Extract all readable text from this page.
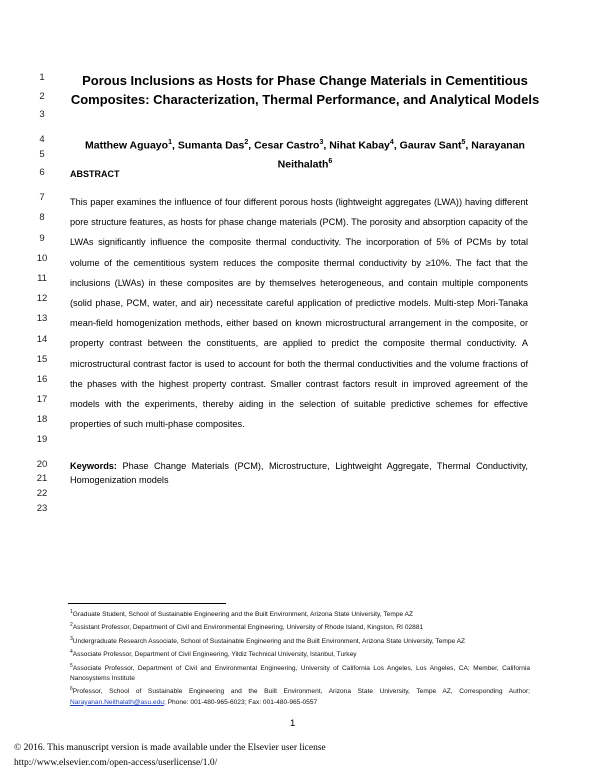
1
2
3
4
5
6
7
8
9
10
11
12
13
14
15
16
17
18
19
20
21
22
23
Porous Inclusions as Hosts for Phase Change Materials in Cementitious Composites: Characterization, Thermal Performance, and Analytical Models
Matthew Aguayo$^1$, Sumanta Das$^2$, Cesar Castro$^3$, Nihat Kabay$^4$, Gaurav Sant$^5$, Narayanan Neithalath$^6$
ABSTRACT
This paper examines the influence of four different porous hosts (lightweight aggregates (LWA)) having different pore structure features, as hosts for phase change materials (PCM). The porosity and absorption capacity of the LWAs significantly influence the composite thermal conductivity. The incorporation of 5% of PCMs by total volume of the cementitious system reduces the composite thermal conductivity by ≥10%. The fact that the inclusions (LWAs) in these composites are by themselves heterogeneous, and contain multiple components (solid phase, PCM, water, and air) necessitate careful application of predictive models. Multi-step Mori-Tanaka mean-field homogenization methods, either based on known microstructural arrangement in the composite, or property contrast between the constituents, are applied to predict the composite thermal conductivity. A microstructural contrast factor is used to account for both the thermal conductivities and the volume fractions of the phases with the highest property contrast. Smaller contrast factors result in improved agreement of the models with the experiments, thereby aiding in the selection of suitable predictive schemes for effective properties of such multi-phase composites.
Keywords: Phase Change Materials (PCM), Microstructure, Lightweight Aggregate, Thermal Conductivity, Homogenization models
$^1$Graduate Student, School of Sustainable Engineering and the Built Environment, Arizona State University, Tempe AZ
$^2$Assistant Professor, Department of Civil and Environmental Engineering, University of Rhode Island, Kingston, RI 02881
$^3$Undergraduate Research Associate, School of Sustainable Engineering and the Built Environment, Arizona State University, Tempe AZ
$^4$Associate Professor, Department of Civil Engineering, Yildiz Technical University, Istanbul, Turkey
$^5$Associate Professor, Department of Civil and Environmental Engineering, University of California Los Angeles, Los Angeles, CA; Member, California Nanosystems Institute
$^6$Professor, School of Sustainable Engineering and the Built Environment, Arizona State University, Tempe AZ, Corresponding Author; Narayanan.Neithalath@asu.edu; Phone: 001-480-965-6023; Fax: 001-480-965-0557
1
© 2016. This manuscript version is made available under the Elsevier user license
http://www.elsevier.com/open-access/userlicense/1.0/
